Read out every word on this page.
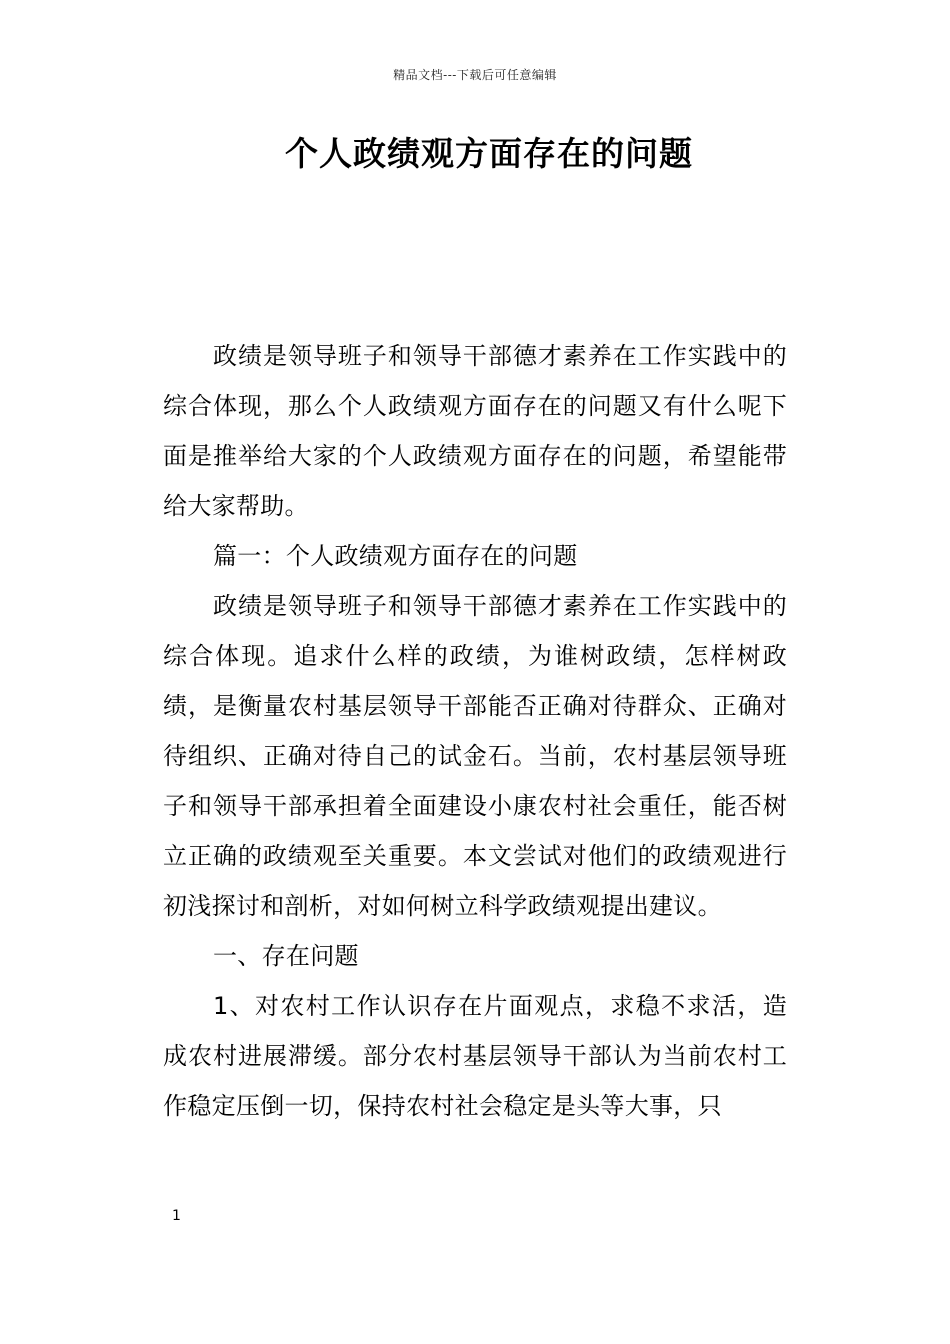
精品文档---下载后可任意编辑
个人政绩观方面存在的问题

政绩是领导班子和领导干部德才素养在工作实践中的综合体现，那么个人政绩观方面存在的问题又有什么呢下面是推举给大家的个人政绩观方面存在的问题，希望能带给大家帮助。

篇一：个人政绩观方面存在的问题

政绩是领导班子和领导干部德才素养在工作实践中的综合体现。追求什么样的政绩，为谁树政绩，怎样树政绩，是衡量农村基层领导干部能否正确对待群众、正确对待组织、正确对待自己的试金石。当前，农村基层领导班子和领导干部承担着全面建设小康农村社会重任，能否树立正确的政绩观至关重要。本文尝试对他们的政绩观进行初浅探讨和剖析，对如何树立科学政绩观提出建议。

一、存在问题

1、对农村工作认识存在片面观点，求稳不求活，造成农村进展滞缓。部分农村基层领导干部认为当前农村工作稳定压倒一切，保持农村社会稳定是头等大事，只

1
